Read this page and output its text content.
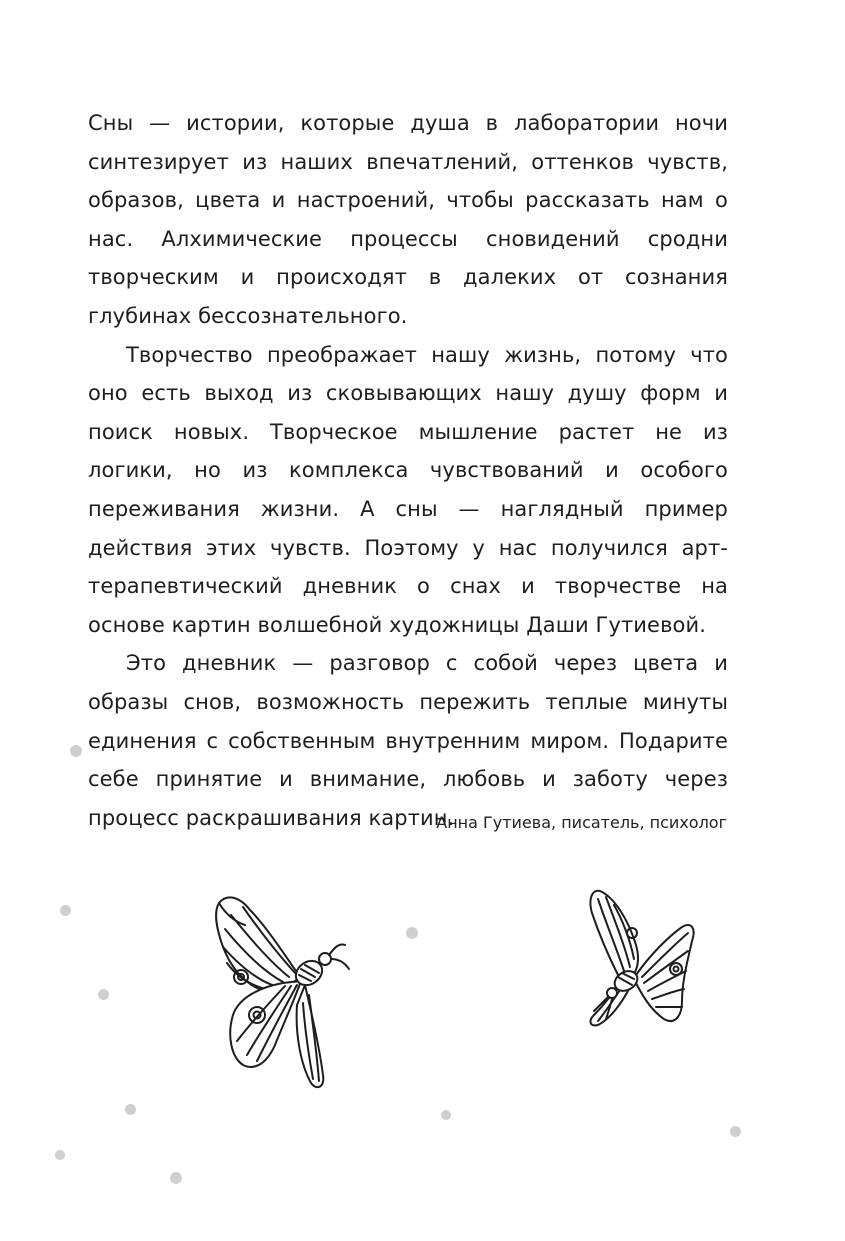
Сны — истории, которые душа в лаборатории ночи синтезирует из наших впечатлений, оттенков чувств, образов, цвета и настроений, чтобы рассказать нам о нас. Алхимические процессы сновидений сродни творческим и происходят в далеких от сознания глубинах бессознательного.

Творчество преображает нашу жизнь, потому что оно есть выход из сковывающих нашу душу форм и поиск новых. Творческое мышление растет не из логики, но из комплекса чувствований и особого переживания жизни. А сны — наглядный пример действия этих чувств. Поэтому у нас получился арт-терапевтический дневник о снах и творчестве на основе картин волшебной художницы Даши Гутиевой.

Это дневник — разговор с собой через цвета и образы снов, возможность пережить теплые минуты единения с собственным внутренним миром. Подарите себе принятие и внимание, любовь и заботу через процесс раскрашивания картин.

Анна Гутиева, писатель, психолог
